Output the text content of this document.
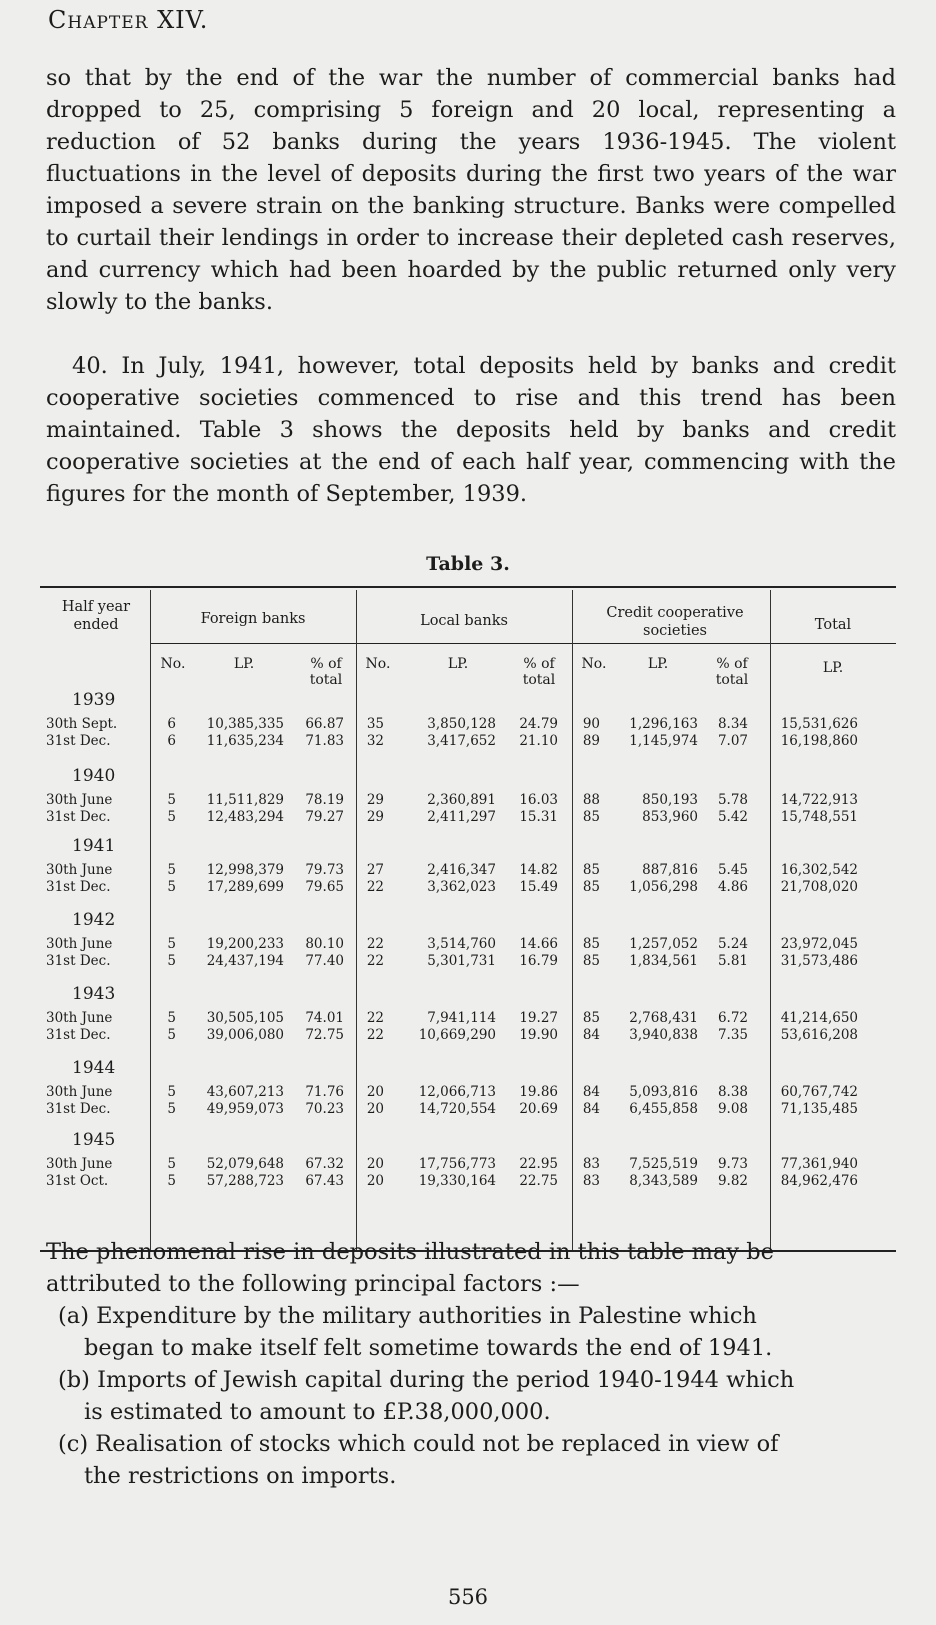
Chapter XIV.
so that by the end of the war the number of commercial banks had dropped to 25, comprising 5 foreign and 20 local, representing a reduction of 52 banks during the years 1936-1945. The violent fluctuations in the level of deposits during the first two years of the war imposed a severe strain on the banking structure. Banks were compelled to curtail their lendings in order to increase their depleted cash reserves, and currency which had been hoarded by the public returned only very slowly to the banks.
40. In July, 1941, however, total deposits held by banks and credit cooperative societies commenced to rise and this trend has been maintained. Table 3 shows the deposits held by banks and credit cooperative societies at the end of each half year, commencing with the figures for the month of September, 1939.
Table 3.
Half year ended	Foreign banks	Local banks	Credit cooperative societies	Total
No.	LP.	% of total
No.	LP.	% of total
No.	LP.	% of total
LP.
1939
30th Sept.	6	10,385,335	66.87	35	3,850,128	24.79	90	1,296,163	8.34	15,531,626
31st Dec.	6	11,635,234	71.83	32	3,417,652	21.10	89	1,145,974	7.07	16,198,860
1940
30th June	5	11,511,829	78.19	29	2,360,891	16.03	88	850,193	5.78	14,722,913
31st Dec.	5	12,483,294	79.27	29	2,411,297	15.31	85	853,960	5.42	15,748,551
1941
30th June	5	12,998,379	79.73	27	2,416,347	14.82	85	887,816	5.45	16,302,542
31st Dec.	5	17,289,699	79.65	22	3,362,023	15.49	85	1,056,298	4.86	21,708,020
1942
30th June	5	19,200,233	80.10	22	3,514,760	14.66	85	1,257,052	5.24	23,972,045
31st Dec.	5	24,437,194	77.40	22	5,301,731	16.79	85	1,834,561	5.81	31,573,486
1943
30th June	5	30,505,105	74.01	22	7,941,114	19.27	85	2,768,431	6.72	41,214,650
31st Dec.	5	39,006,080	72.75	22	10,669,290	19.90	84	3,940,838	7.35	53,616,208
1944
30th June	5	43,607,213	71.76	20	12,066,713	19.86	84	5,093,816	8.38	60,767,742
31st Dec.	5	49,959,073	70.23	20	14,720,554	20.69	84	6,455,858	9.08	71,135,485
1945
30th June	5	52,079,648	67.32	20	17,756,773	22.95	83	7,525,519	9.73	77,361,940
31st Oct.	5	57,288,723	67.43	20	19,330,164	22.75	83	8,343,589	9.82	84,962,476
The phenomenal rise in deposits illustrated in this table may be
attributed to the following principal factors :—
(a) Expenditure by the military authorities in Palestine which
began to make itself felt sometime towards the end of 1941.
(b) Imports of Jewish capital during the period 1940-1944 which
is estimated to amount to £P.38,000,000.
(c) Realisation of stocks which could not be replaced in view of
the restrictions on imports.
556
